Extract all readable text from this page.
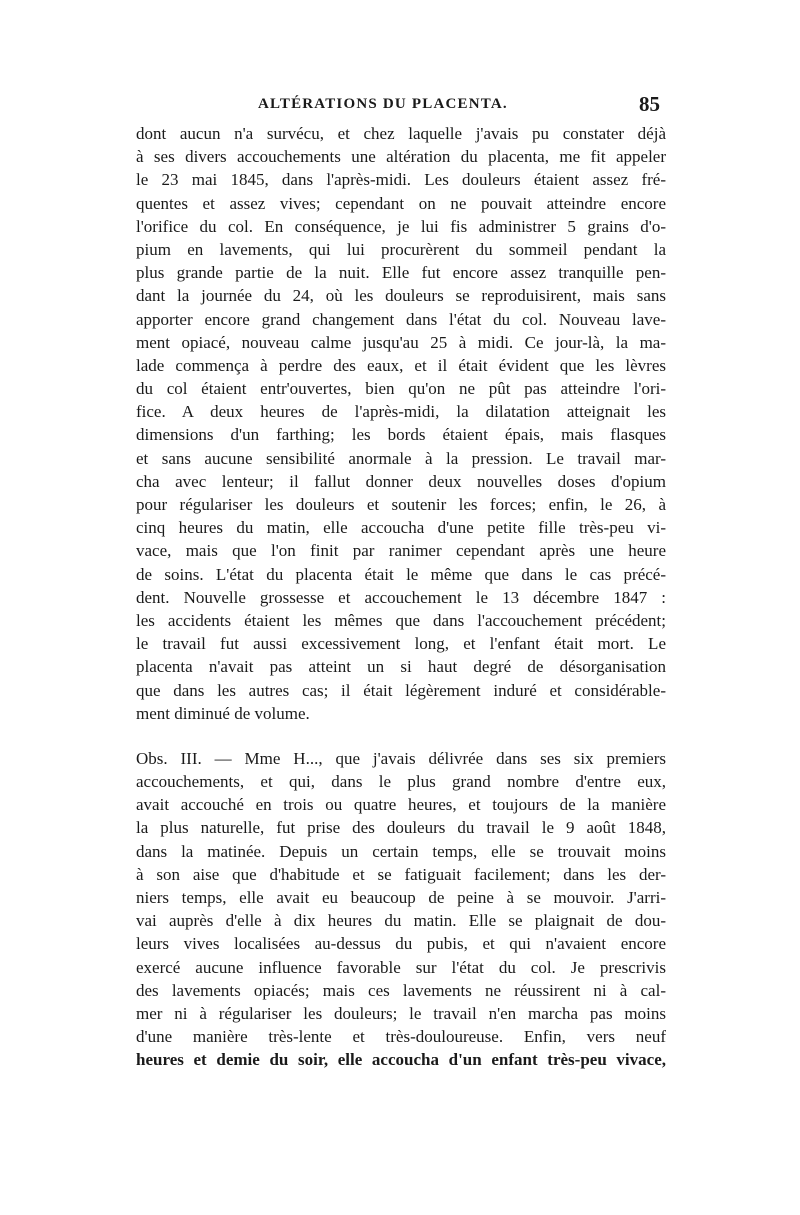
ALTÉRATIONS DU PLACENTA.	85
dont aucun n'a survécu, et chez laquelle j'avais pu constater déjà
à ses divers accouchements une altération du placenta, me fit appeler
le 23 mai 1845, dans l'après-midi. Les douleurs étaient assez fré-
quentes et assez vives; cependant on ne pouvait atteindre encore
l'orifice du col. En conséquence, je lui fis administrer 5 grains d'o-
pium en lavements, qui lui procurèrent du sommeil pendant la
plus grande partie de la nuit. Elle fut encore assez tranquille pen-
dant la journée du 24, où les douleurs se reproduisirent, mais sans
apporter encore grand changement dans l'état du col. Nouveau lave-
ment opiacé, nouveau calme jusqu'au 25 à midi. Ce jour-là, la ma-
lade commença à perdre des eaux, et il était évident que les lèvres
du col étaient entr'ouvertes, bien qu'on ne pût pas atteindre l'ori-
fice. A deux heures de l'après-midi, la dilatation atteignait les
dimensions d'un farthing; les bords étaient épais, mais flasques
et sans aucune sensibilité anormale à la pression. Le travail mar-
cha avec lenteur; il fallut donner deux nouvelles doses d'opium
pour régulariser les douleurs et soutenir les forces; enfin, le 26, à
cinq heures du matin, elle accoucha d'une petite fille très-peu vi-
vace, mais que l'on finit par ranimer cependant après une heure
de soins. L'état du placenta était le même que dans le cas précé-
dent. Nouvelle grossesse et accouchement le 13 décembre 1847 :
les accidents étaient les mêmes que dans l'accouchement précédent;
le travail fut aussi excessivement long, et l'enfant était mort. Le
placenta n'avait pas atteint un si haut degré de désorganisation
que dans les autres cas; il était légèrement induré et considérable-
ment diminué de volume.
Obs. III. — Mme H..., que j'avais délivrée dans ses six premiers
accouchements, et qui, dans le plus grand nombre d'entre eux,
avait accouché en trois ou quatre heures, et toujours de la manière
la plus naturelle, fut prise des douleurs du travail le 9 août 1848,
dans la matinée. Depuis un certain temps, elle se trouvait moins
à son aise que d'habitude et se fatiguait facilement; dans les der-
niers temps, elle avait eu beaucoup de peine à se mouvoir. J'arri-
vai auprès d'elle à dix heures du matin. Elle se plaignait de dou-
leurs vives localisées au-dessus du pubis, et qui n'avaient encore
exercé aucune influence favorable sur l'état du col. Je prescrivis
des lavements opiacés; mais ces lavements ne réussirent ni à cal-
mer ni à régulariser les douleurs; le travail n'en marcha pas moins
d'une manière très-lente et très-douloureuse. Enfin, vers neuf
heures et demie du soir, elle accoucha d'un enfant très-peu vivace,
